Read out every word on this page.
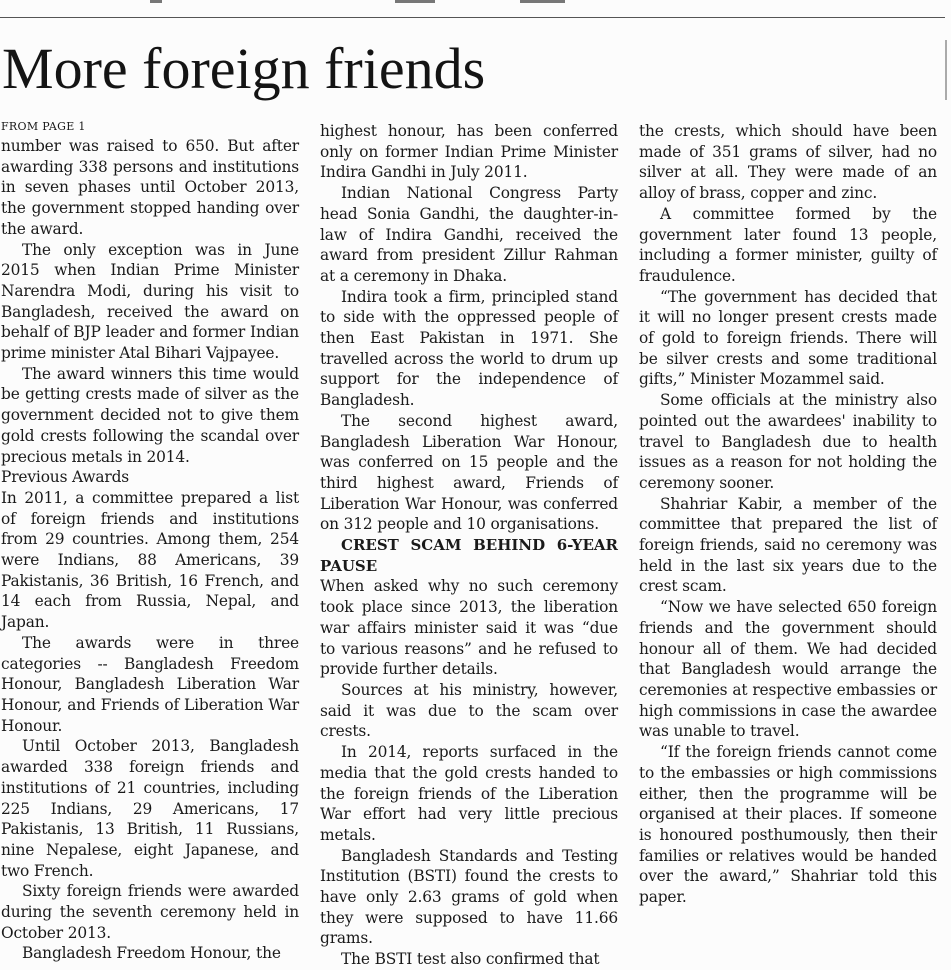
More foreign friends
FROM PAGE 1

number was raised to 650. But after awarding 338 persons and institutions in seven phases until October 2013, the government stopped handing over the award.

The only exception was in June 2015 when Indian Prime Minister Narendra Modi, during his visit to Bangladesh, received the award on behalf of BJP leader and former Indian prime minister Atal Bihari Vajpayee.

The award winners this time would be getting crests made of silver as the government decided not to give them gold crests following the scandal over precious metals in 2014.

Previous Awards

In 2011, a committee prepared a list of foreign friends and institutions from 29 countries. Among them, 254 were Indians, 88 Americans, 39 Pakistanis, 36 British, 16 French, and 14 each from Russia, Nepal, and Japan.

The awards were in three categories -- Bangladesh Freedom Honour, Bangladesh Liberation War Honour, and Friends of Liberation War Honour.

Until October 2013, Bangladesh awarded 338 foreign friends and institutions of 21 countries, including 225 Indians, 29 Americans, 17 Pakistanis, 13 British, 11 Russians, nine Nepalese, eight Japanese, and two French.

Sixty foreign friends were awarded during the seventh ceremony held in October 2013.

Bangladesh Freedom Honour, the

highest honour, has been conferred only on former Indian Prime Minister Indira Gandhi in July 2011.

Indian National Congress Party head Sonia Gandhi, the daughter-in-law of Indira Gandhi, received the award from president Zillur Rahman at a ceremony in Dhaka.

Indira took a firm, principled stand to side with the oppressed people of then East Pakistan in 1971. She travelled across the world to drum up support for the independence of Bangladesh.

The second highest award, Bangladesh Liberation War Honour, was conferred on 15 people and the third highest award, Friends of Liberation War Honour, was conferred on 312 people and 10 organisations.

CREST SCAM BEHIND 6-YEAR PAUSE

When asked why no such ceremony took place since 2013, the liberation war affairs minister said it was “due to various reasons” and he refused to provide further details.

Sources at his ministry, however, said it was due to the scam over crests.

In 2014, reports surfaced in the media that the gold crests handed to the foreign friends of the Liberation War effort had very little precious metals.

Bangladesh Standards and Testing Institution (BSTI) found the crests to have only 2.63 grams of gold when they were supposed to have 11.66 grams.

The BSTI test also confirmed that

the crests, which should have been made of 351 grams of silver, had no silver at all. They were made of an alloy of brass, copper and zinc.

A committee formed by the government later found 13 people, including a former minister, guilty of fraudulence.

“The government has decided that it will no longer present crests made of gold to foreign friends. There will be silver crests and some traditional gifts,” Minister Mozammel said.

Some officials at the ministry also pointed out the awardees' inability to travel to Bangladesh due to health issues as a reason for not holding the ceremony sooner.

Shahriar Kabir, a member of the committee that prepared the list of foreign friends, said no ceremony was held in the last six years due to the crest scam.

“Now we have selected 650 foreign friends and the government should honour all of them. We had decided that Bangladesh would arrange the ceremonies at respective embassies or high commissions in case the awardee was unable to travel.

“If the foreign friends cannot come to the embassies or high commissions either, then the programme will be organised at their places. If someone is honoured posthumously, then their families or relatives would be handed over the award,” Shahriar told this paper.
